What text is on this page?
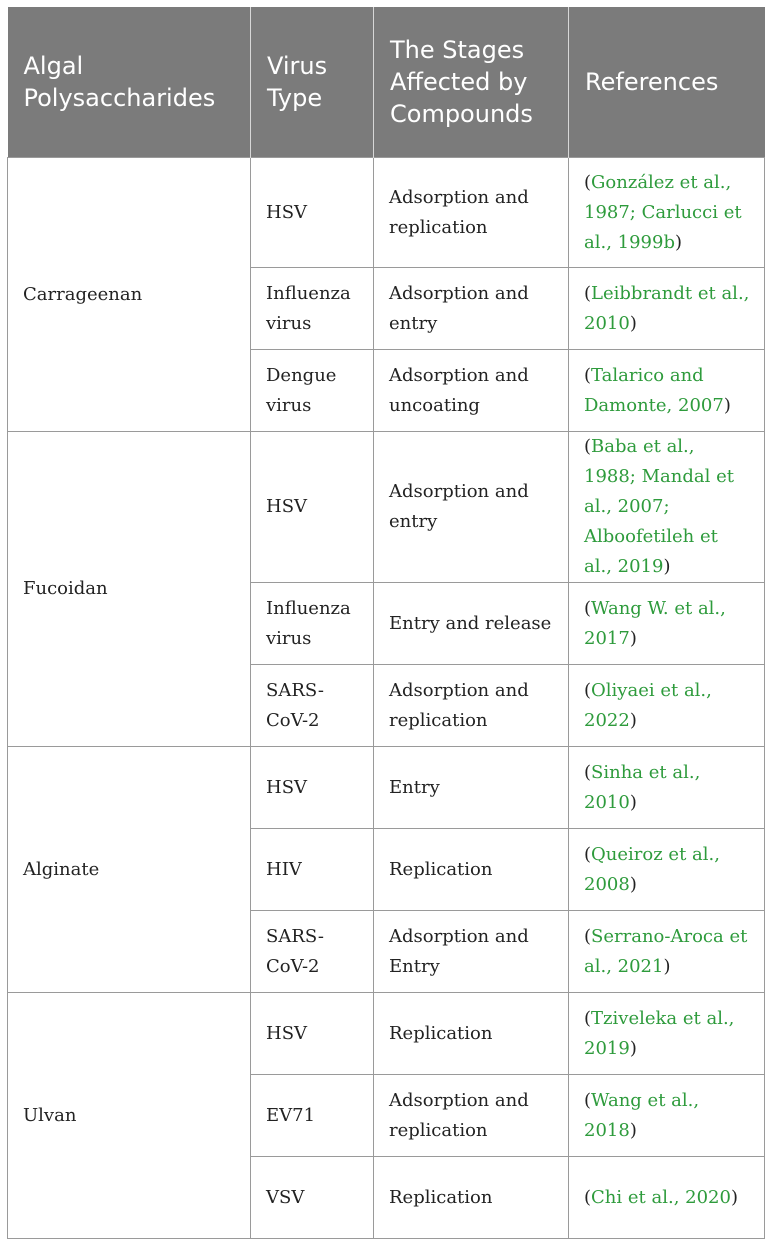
Algal Polysaccharides	Virus Type	The Stages Affected by Compounds	References
Carrageenan	HSV	Adsorption and replication	(González et al., 1987; Carlucci et al., 1999b)
	Influenza virus	Adsorption and entry	(Leibbrandt et al., 2010)
	Dengue virus	Adsorption and uncoating	(Talarico and Damonte, 2007)
Fucoidan	HSV	Adsorption and entry	(Baba et al., 1988; Mandal et al., 2007; Alboofetileh et al., 2019)
	Influenza virus	Entry and release	(Wang W. et al., 2017)
	SARS-CoV-2	Adsorption and replication	(Oliyaei et al., 2022)
Alginate	HSV	Entry	(Sinha et al., 2010)
	HIV	Replication	(Queiroz et al., 2008)
	SARS-CoV-2	Adsorption and Entry	(Serrano-Aroca et al., 2021)
Ulvan	HSV	Replication	(Tziveleka et al., 2019)
	EV71	Adsorption and replication	(Wang et al., 2018)
	VSV	Replication	(Chi et al., 2020)
